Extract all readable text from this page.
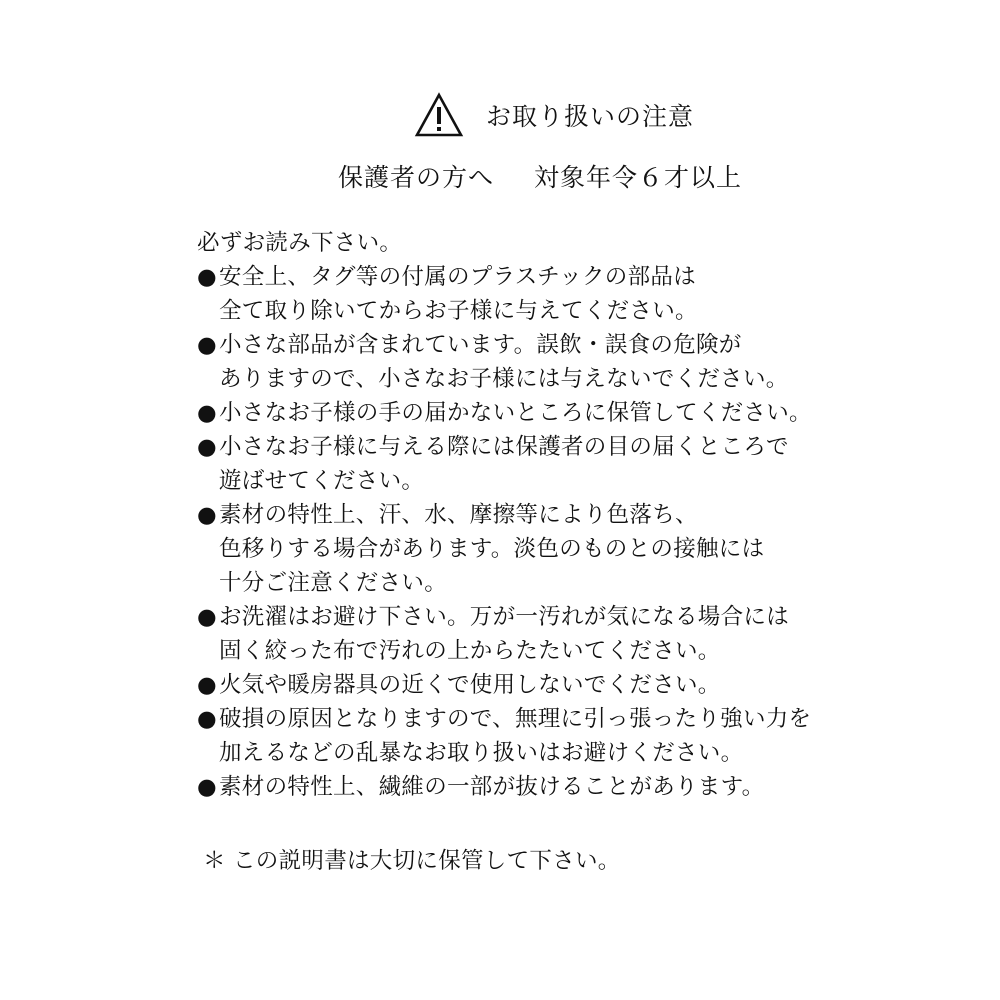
お取り扱いの注意
保護者の方へ 対象年令６才以上
必ずお読み下さい。
● 安全上、タグ等の付属のプラスチックの部品は
全て取り除いてからお子様に与えてください。
● 小さな部品が含まれています。誤飲・誤食の危険が
ありますので、小さなお子様には与えないでください。
● 小さなお子様の手の届かないところに保管してください。
● 小さなお子様に与える際には保護者の目の届くところで
遊ばせてください。
● 素材の特性上、汗、水、摩擦等により色落ち、
色移りする場合があります。淡色のものとの接触には
十分ご注意ください。
● お洗濯はお避け下さい。万が一汚れが気になる場合には
固く絞った布で汚れの上からたたいてください。
● 火気や暖房器具の近くで使用しないでください。
● 破損の原因となりますので、無理に引っ張ったり強い力を
加えるなどの乱暴なお取り扱いはお避けください。
● 素材の特性上、繊維の一部が抜けることがあります。
＊ この説明書は大切に保管して下さい。
